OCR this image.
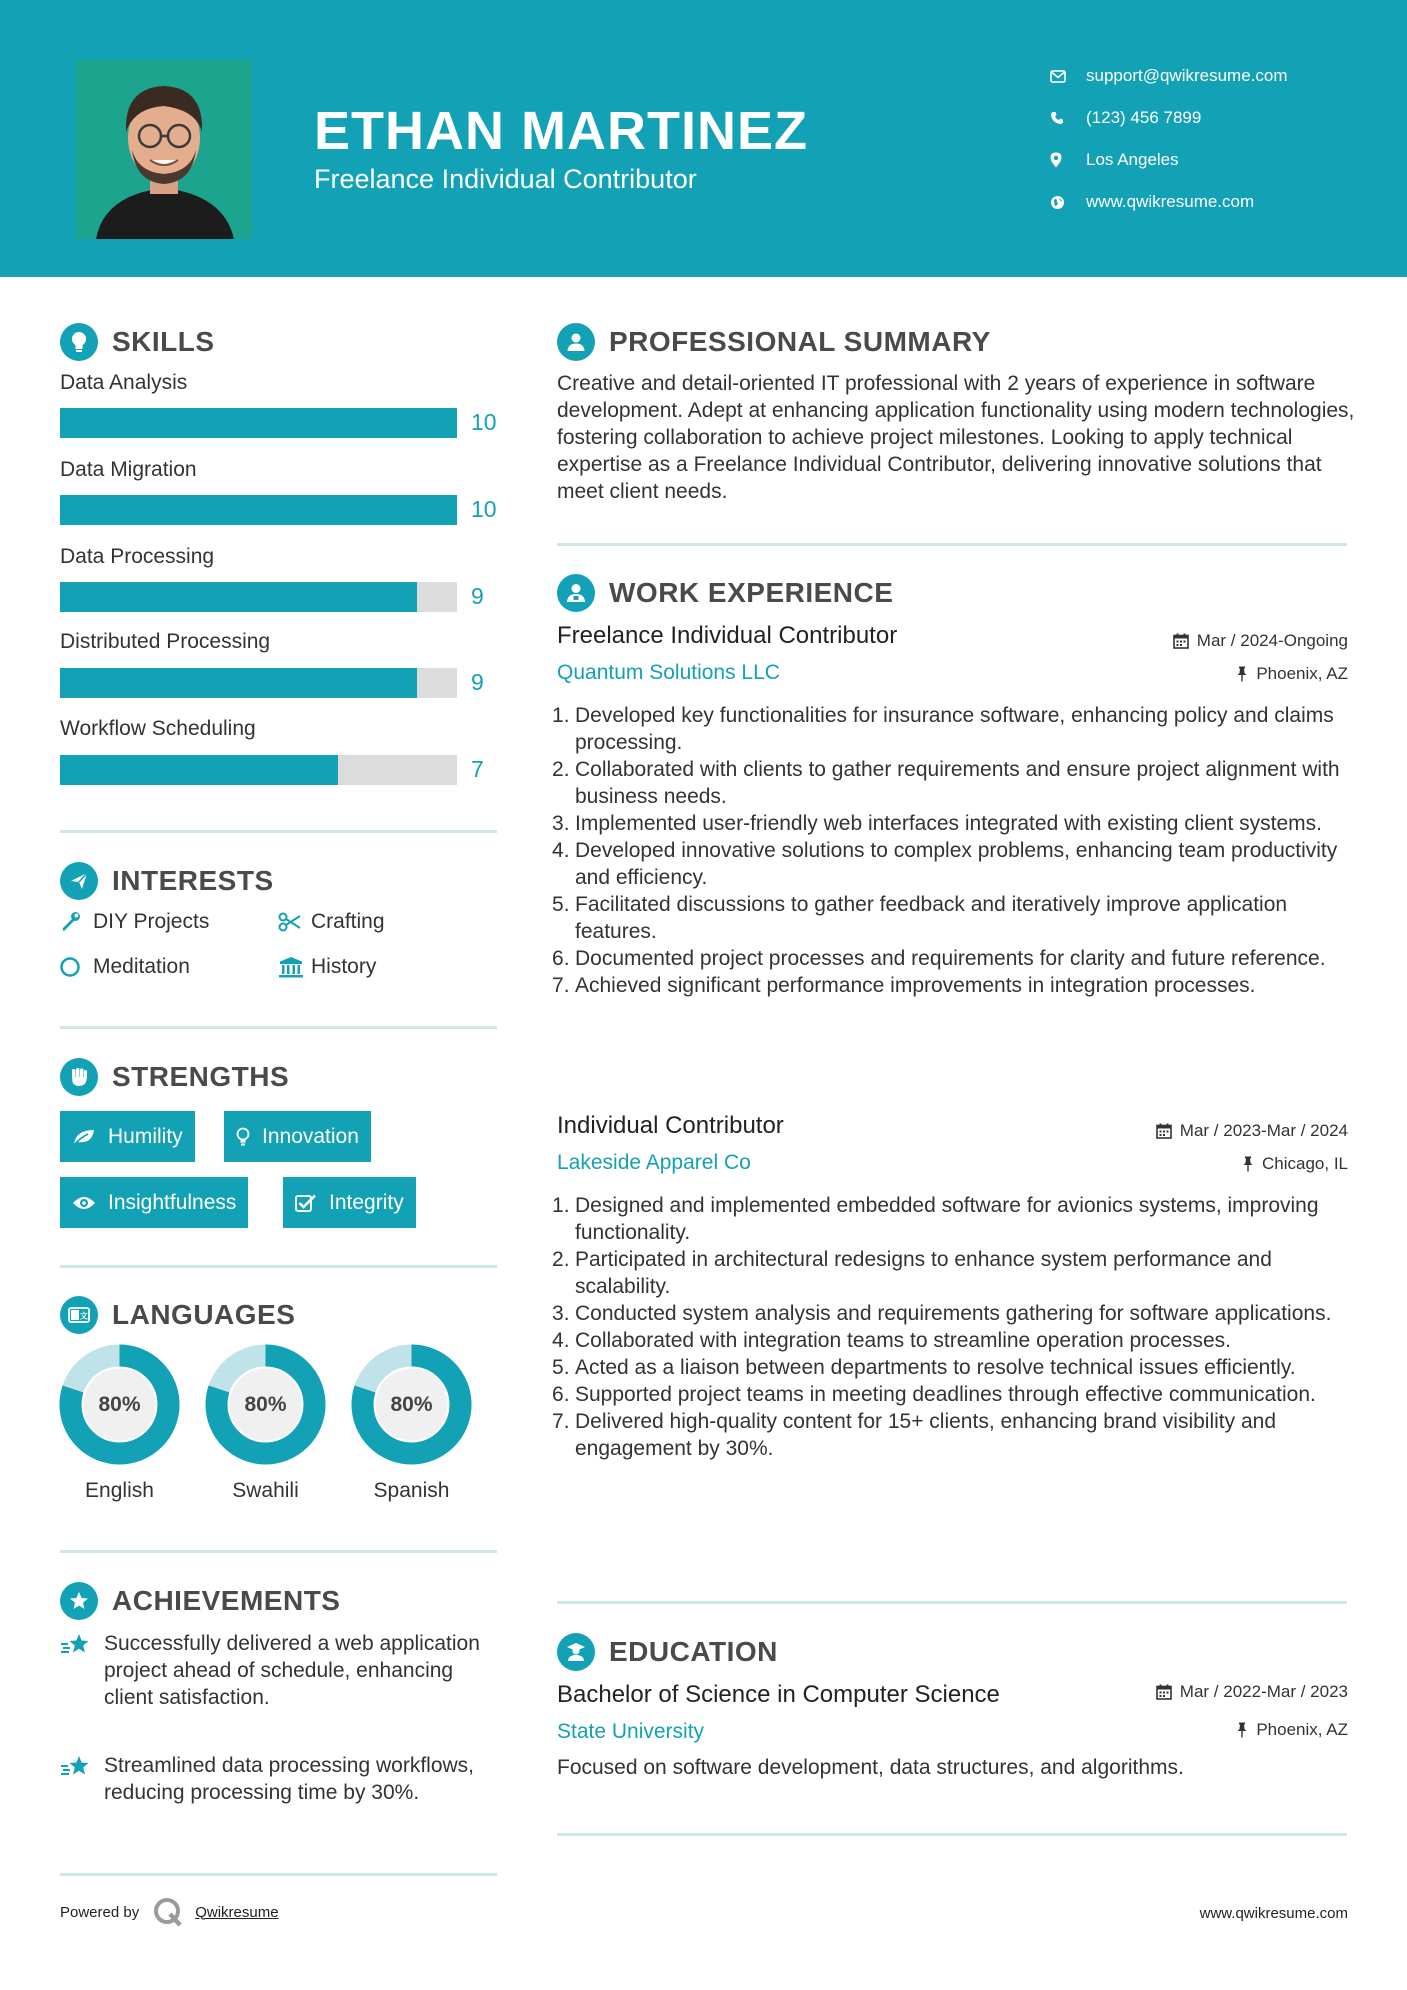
ETHAN MARTINEZ
Freelance Individual Contributor
support@qwikresume.com
(123) 456 7899
Los Angeles
www.qwikresume.com
SKILLS
Data Analysis
10
Data Migration
10
Data Processing
9
Distributed Processing
9
Workflow Scheduling
7
INTERESTS
DIY Projects	Crafting
Meditation	History
STRENGTHS
Humility	Innovation
Insightfulness	Integrity
文 LANGUAGES
80%
English
80%
Swahili
80%
Spanish
ACHIEVEMENTS
Successfully delivered a web application project ahead of schedule, enhancing client satisfaction.
Streamlined data processing workflows, reducing processing time by 30%.
PROFESSIONAL SUMMARY
Creative and detail-oriented IT professional with 2 years of experience in software development. Adept at enhancing application functionality using modern technologies, fostering collaboration to achieve project milestones. Looking to apply technical expertise as a Freelance Individual Contributor, delivering innovative solutions that meet client needs.
WORK EXPERIENCE
Freelance Individual Contributor	Mar / 2024-Ongoing
Quantum Solutions LLC	Phoenix, AZ
Developed key functionalities for insurance software, enhancing policy and claims processing.
Collaborated with clients to gather requirements and ensure project alignment with business needs.
Implemented user-friendly web interfaces integrated with existing client systems.
Developed innovative solutions to complex problems, enhancing team productivity and efficiency.
Facilitated discussions to gather feedback and iteratively improve application features.
Documented project processes and requirements for clarity and future reference.
Achieved significant performance improvements in integration processes.
Individual Contributor	Mar / 2023-Mar / 2024
Lakeside Apparel Co	Chicago, IL
Designed and implemented embedded software for avionics systems, improving functionality.
Participated in architectural redesigns to enhance system performance and scalability.
Conducted system analysis and requirements gathering for software applications.
Collaborated with integration teams to streamline operation processes.
Acted as a liaison between departments to resolve technical issues efficiently.
Supported project teams in meeting deadlines through effective communication.
Delivered high-quality content for 15+ clients, enhancing brand visibility and engagement by 30%.
EDUCATION
Bachelor of Science in Computer Science	Mar / 2022-Mar / 2023
State University	Phoenix, AZ
Focused on software development, data structures, and algorithms.
Powered by	Qwikresume	www.qwikresume.com
